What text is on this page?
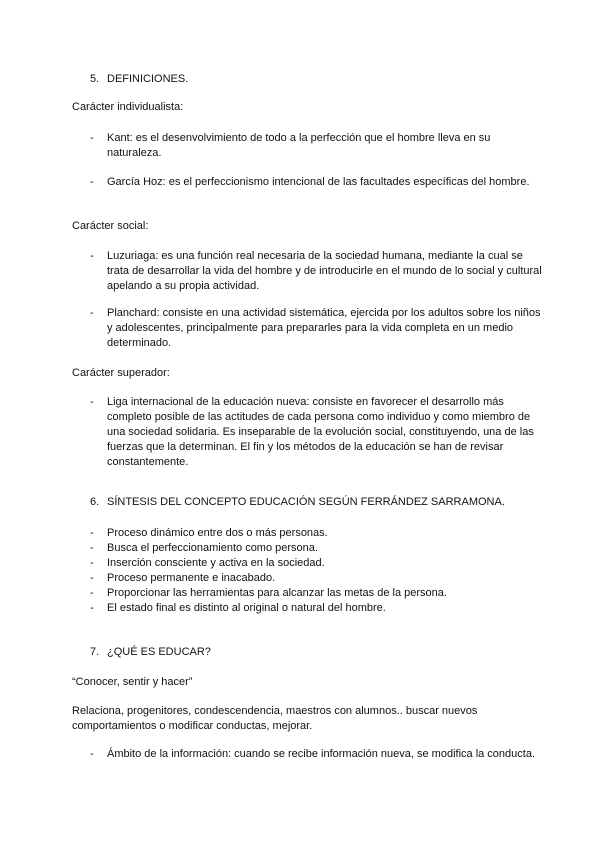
5. DEFINICIONES.
Carácter individualista:
- Kant: es el desenvolvimiento de todo a la perfección que el hombre lleva en su naturaleza.
- García Hoz: es el perfeccionismo intencional de las facultades específicas del hombre.
Carácter social:
- Luzuriaga: es una función real necesaria de la sociedad humana, mediante la cual se trata de desarrollar la vida del hombre y de introducirle en el mundo de lo social y cultural apelando a su propia actividad.
- Planchard: consiste en una actividad sistemática, ejercida por los adultos sobre los niños y adolescentes, principalmente para prepararles para la vida completa en un medio determinado.
Carácter superador:
- Liga internacional de la educación nueva: consiste en favorecer el desarrollo más completo posible de las actitudes de cada persona como individuo y como miembro de una sociedad solidaria. Es inseparable de la evolución social, constituyendo, una de las fuerzas que la determinan. El fin y los métodos de la educación se han de revisar constantemente.
6. SÍNTESIS DEL CONCEPTO EDUCACIÓN SEGÚN FERRÁNDEZ SARRAMONA.
- Proceso dinámico entre dos o más personas.
- Busca el perfeccionamiento como persona.
- Inserción consciente y activa en la sociedad.
- Proceso permanente e inacabado.
- Proporcionar las herramientas para alcanzar las metas de la persona.
- El estado final es distinto al original o natural del hombre.
7. ¿QUÉ ES EDUCAR?
“Conocer, sentir y hacer”
Relaciona, progenitores, condescendencia, maestros con alumnos.. buscar nuevos comportamientos o modificar conductas, mejorar.
- Ámbito de la información: cuando se recibe información nueva, se modifica la conducta.
